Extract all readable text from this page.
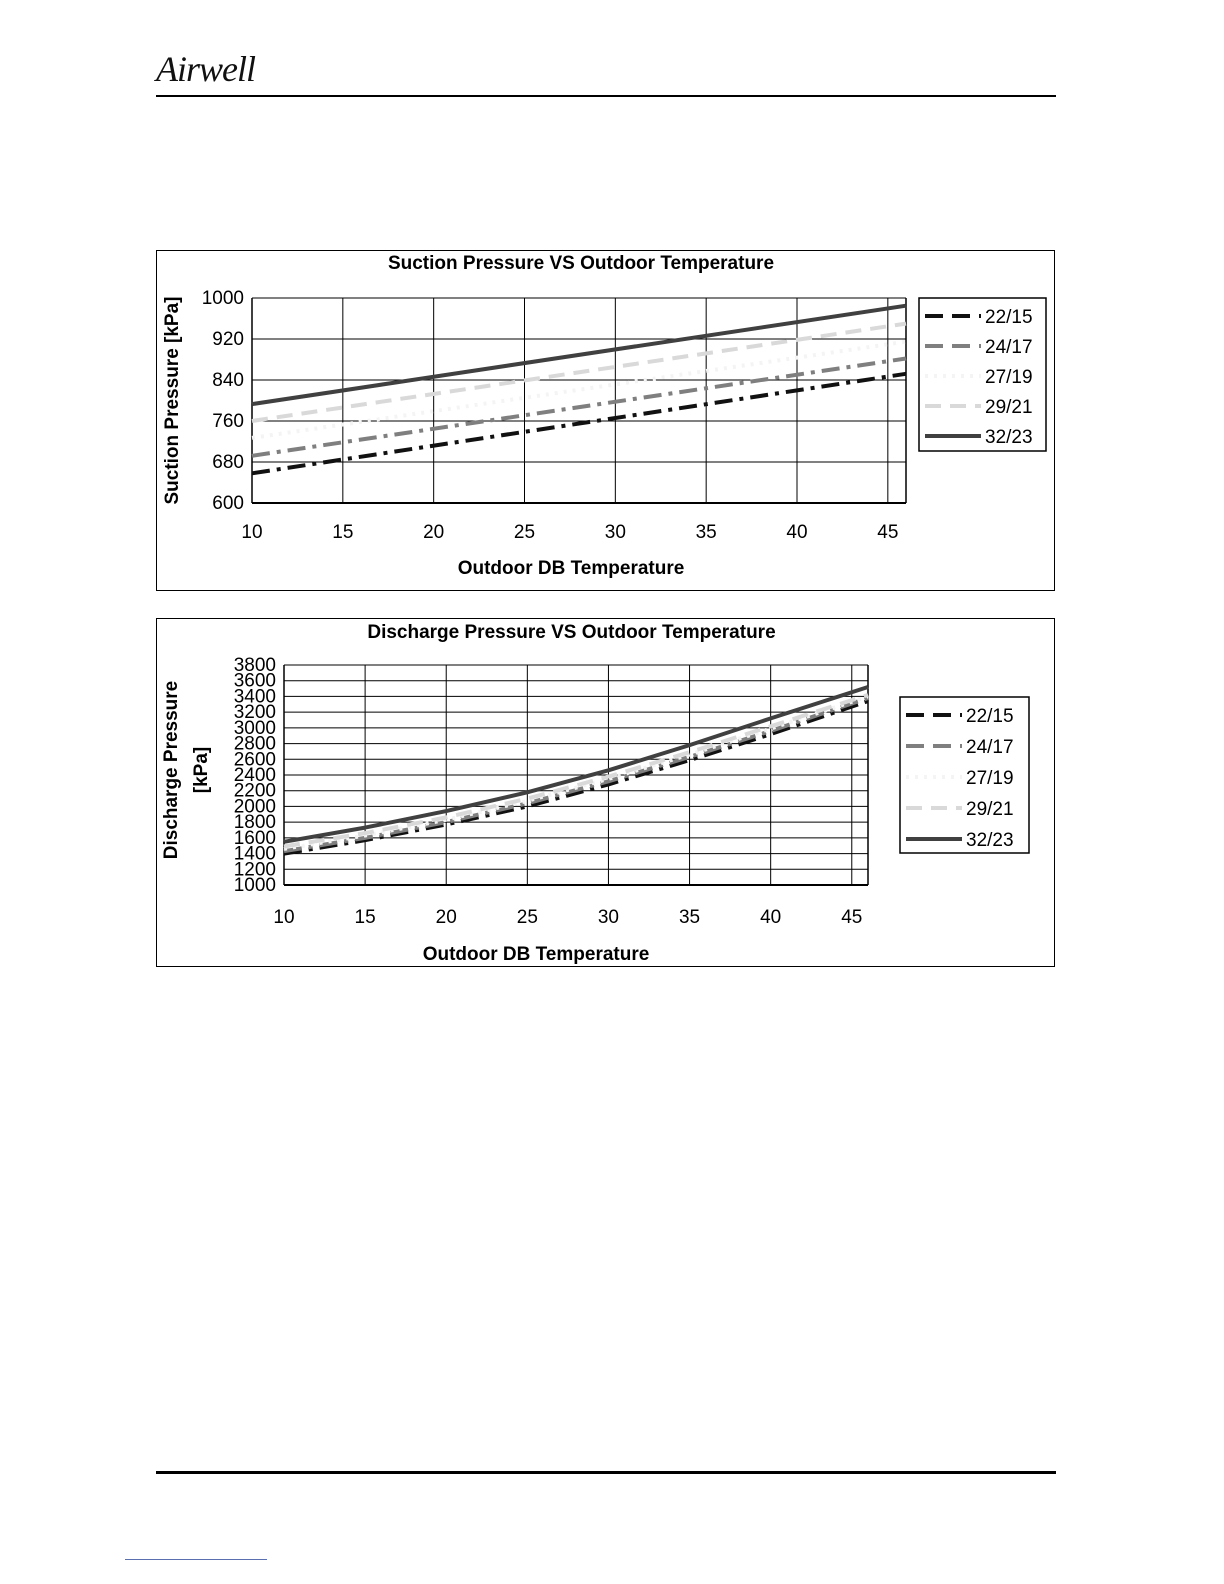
Airwell
Suction Pressure VS Outdoor Temperature
600
680
760
840
920
1000
10	15	20	25	30	35	40	45
Outdoor DB Temperature
Suction Pressure [kPa]	22/15
24/17
27/19
29/21
32/23
Discharge Pressure VS Outdoor Temperature
1000
1200
1400
1600
1800
2000
2200
2400
2600
2800
3000
3200
3400
3600
3800
10	15	20	25	30	35	40	45
Outdoor DB Temperature
Discharge Pressure [kPa]
22/15
24/17
27/19
29/21
32/23
